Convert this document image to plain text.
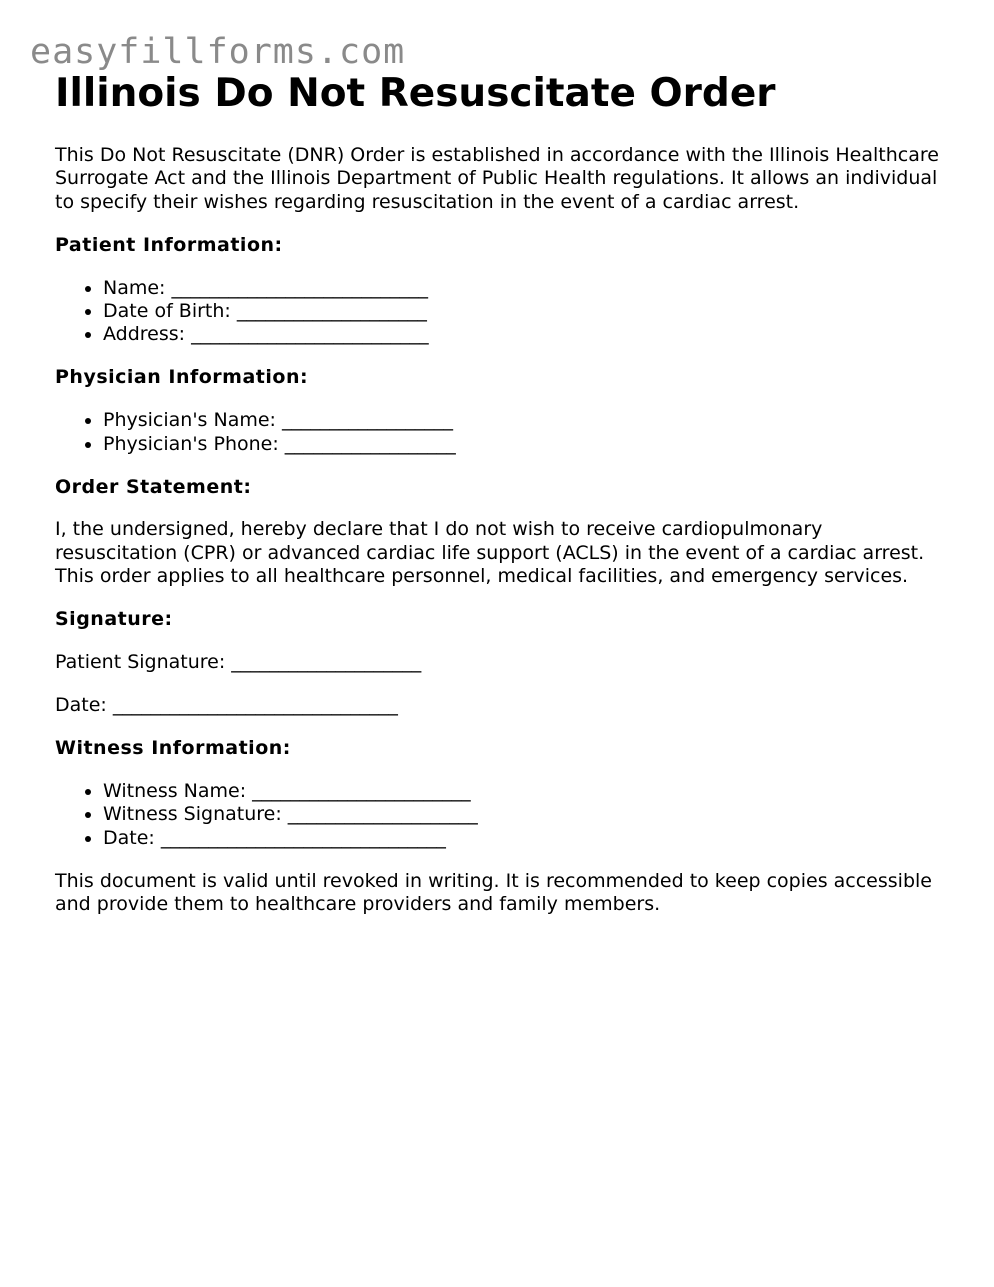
easyfillforms.com
Illinois Do Not Resuscitate Order

This Do Not Resuscitate (DNR) Order is established in accordance with the Illinois Healthcare Surrogate Act and the Illinois Department of Public Health regulations. It allows an individual to specify their wishes regarding resuscitation in the event of a cardiac arrest.

Patient Information:

• Name: ___________________________
• Date of Birth: ____________________
• Address: _________________________

Physician Information:

• Physician's Name: __________________
• Physician's Phone: __________________

Order Statement:

I, the undersigned, hereby declare that I do not wish to receive cardiopulmonary resuscitation (CPR) or advanced cardiac life support (ACLS) in the event of a cardiac arrest. This order applies to all healthcare personnel, medical facilities, and emergency services.

Signature:

Patient Signature: ____________________

Date: ______________________________

Witness Information:

• Witness Name: _______________________
• Witness Signature: ____________________
• Date: ______________________________

This document is valid until revoked in writing. It is recommended to keep copies accessible and provide them to healthcare providers and family members.
